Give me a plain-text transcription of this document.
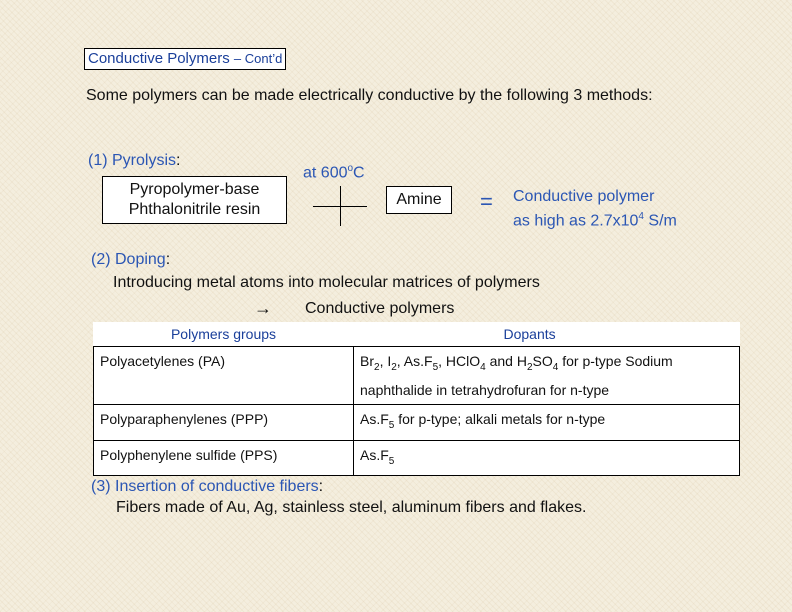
Conductive Polymers – Cont’d
Some polymers can be made electrically conductive by the following 3 methods:
(1) Pyrolysis:
Pyropolymer-base
Phthalonitrile resin
at 600$^o$C
Amine	= Conductive polymer
as high as $2.7x10^4$ S/m
(2) Doping:
Introducing metal atoms into molecular matrices of polymers
→ Conductive polymers
Polymers groups	Dopants
Polyacetylenes (PA)	$Br_2$, $I_2$, $As.F_5$, HClO$_4$ and $H_2SO_4$ for p-type Sodium naphthalide in tetrahydrofuran for n-type
Polyparaphenylenes (PPP)	$As.F_5$ for p-type; alkali metals for n-type
Polyphenylene sulfide (PPS)	$As.F_5$
(3) Insertion of conductive fibers:
Fibers made of Au, Ag, stainless steel, aluminum fibers and flakes.
